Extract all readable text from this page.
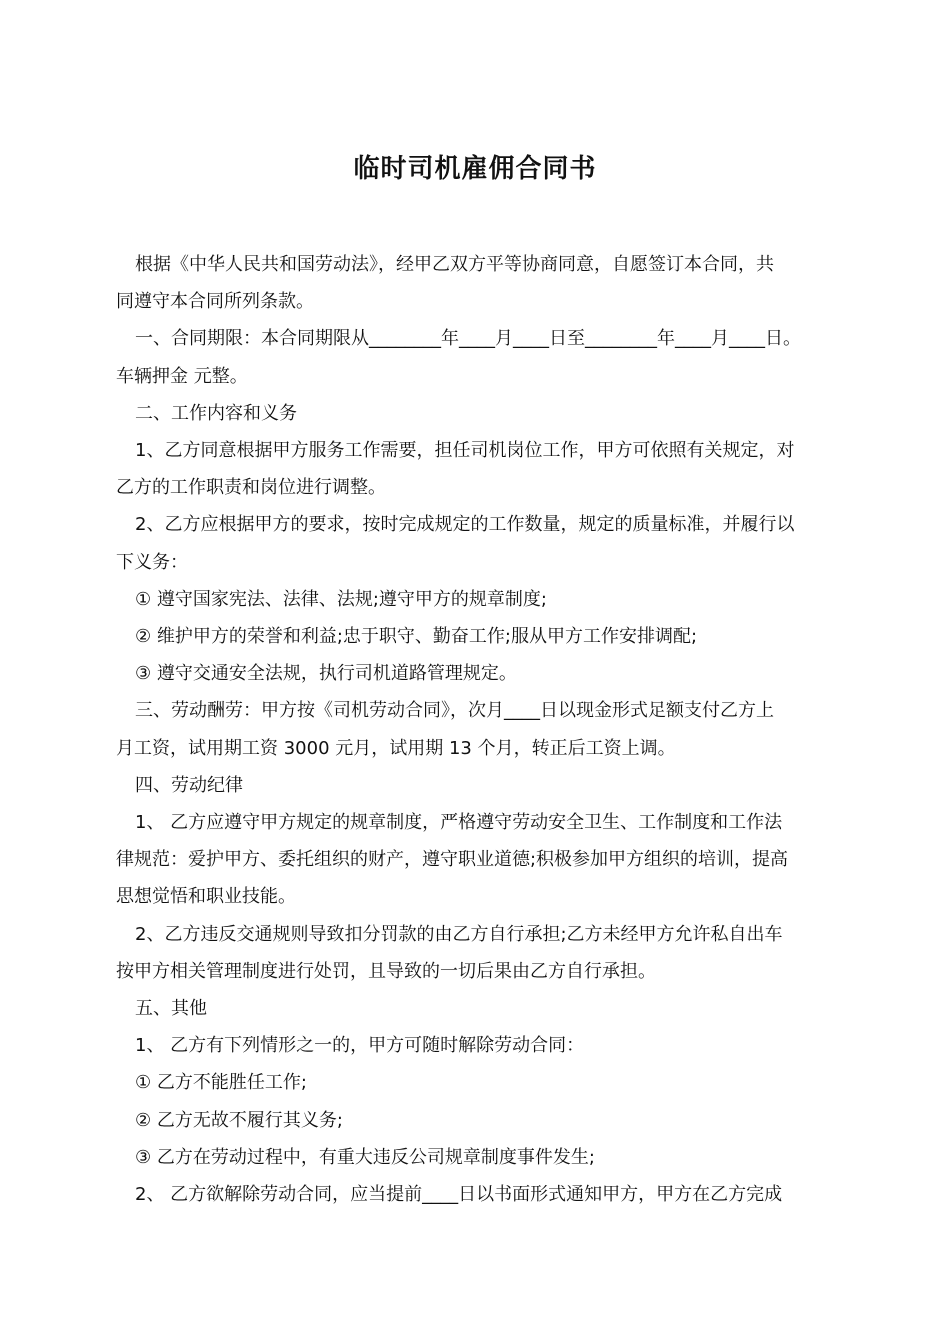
临时司机雇佣合同书

根据《中华人民共和国劳动法》，经甲乙双方平等协商同意，自愿签订本合同，共

同遵守本合同所列条款。

一、合同期限：本合同期限从________年____月____日至________年____月____日。

车辆押金 元整。

二、工作内容和义务

1、乙方同意根据甲方服务工作需要，担任司机岗位工作，甲方可依照有关规定，对

乙方的工作职责和岗位进行调整。

2、乙方应根据甲方的要求，按时完成规定的工作数量，规定的质量标准，并履行以

下义务：

① 遵守国家宪法、法律、法规;遵守甲方的规章制度;

② 维护甲方的荣誉和利益;忠于职守、勤奋工作;服从甲方工作安排调配;

③ 遵守交通安全法规，执行司机道路管理规定。

三、劳动酬劳：甲方按《司机劳动合同》，次月____日以现金形式足额支付乙方上

月工资，试用期工资 3000 元月，试用期 13 个月，转正后工资上调。

四、劳动纪律

1、 乙方应遵守甲方规定的规章制度，严格遵守劳动安全卫生、工作制度和工作法

律规范：爱护甲方、委托组织的财产，遵守职业道德;积极参加甲方组织的培训，提高

思想觉悟和职业技能。

2、乙方违反交通规则导致扣分罚款的由乙方自行承担;乙方未经甲方允许私自出车

按甲方相关管理制度进行处罚，且导致的一切后果由乙方自行承担。

五、其他

1、 乙方有下列情形之一的，甲方可随时解除劳动合同：

① 乙方不能胜任工作;

② 乙方无故不履行其义务;

③ 乙方在劳动过程中，有重大违反公司规章制度事件发生;

2、 乙方欲解除劳动合同，应当提前____日以书面形式通知甲方，甲方在乙方完成
